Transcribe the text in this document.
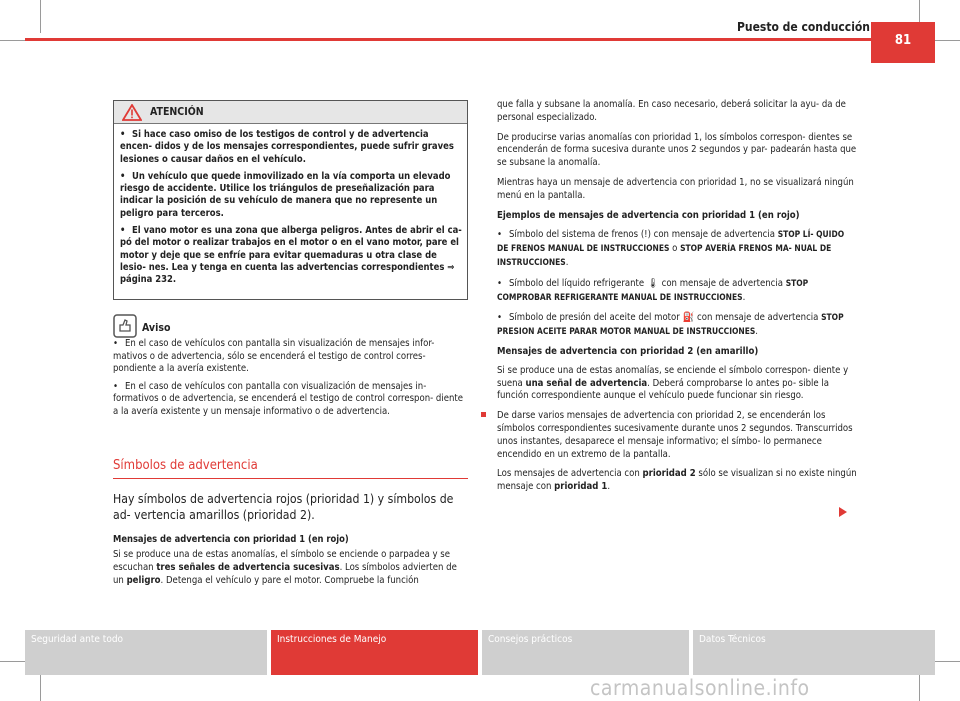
Puesto de conducción
81
ATENCIÓN

• Si hace caso omiso de los testigos de control y de advertencia encen- didos y de los mensajes correspondientes, puede sufrir graves lesiones o causar daños en el vehículo.

• Un vehículo que quede inmovilizado en la vía comporta un elevado riesgo de accidente. Utilice los triángulos de preseñalización para indicar la posición de su vehículo de manera que no represente un peligro para terceros.

• El vano motor es una zona que alberga peligros. Antes de abrir el ca- pó del motor o realizar trabajos en el motor o en el vano motor, pare el motor y deje que se enfríe para evitar quemaduras u otra clase de lesio- nes. Lea y tenga en cuenta las advertencias correspondientes ⇒ página 232.

Aviso

• En el caso de vehículos con pantalla sin visualización de mensajes infor- mativos o de advertencia, sólo se encenderá el testigo de control corres- pondiente a la avería existente.

• En el caso de vehículos con pantalla con visualización de mensajes in- formativos o de advertencia, se encenderá el testigo de control correspon- diente a la avería existente y un mensaje informativo o de advertencia.

Símbolos de advertencia
Hay símbolos de advertencia rojos (prioridad 1) y símbolos de ad- vertencia amarillos (prioridad 2).
Mensajes de advertencia con prioridad 1 (en rojo)
Si se produce una de estas anomalías, el símbolo se enciende o parpadea y se escuchan tres señales de advertencia sucesivas. Los símbolos advierten de un peligro. Detenga el vehículo y pare el motor. Compruebe la función

que falla y subsane la anomalía. En caso necesario, deberá solicitar la ayu- da de personal especializado.

De producirse varias anomalías con prioridad 1, los símbolos correspon- dientes se encenderán de forma sucesiva durante unos 2 segundos y par- padearán hasta que se subsane la anomalía.

Mientras haya un mensaje de advertencia con prioridad 1, no se visualizará ningún menú en la pantalla.

Ejemplos de mensajes de advertencia con prioridad 1 (en rojo)

• Símbolo del sistema de frenos (!) con mensaje de advertencia STOP LÍ- QUIDO DE FRENOS MANUAL DE INSTRUCCIONES o STOP AVERÍA FRENOS MA- NUAL DE INSTRUCCIONES.

• Símbolo del líquido refrigerante 🌡 con mensaje de advertencia STOP COMPROBAR REFRIGERANTE MANUAL DE INSTRUCCIONES.

• Símbolo de presión del aceite del motor ⛽ con mensaje de advertencia STOP PRESION ACEITE PARAR MOTOR MANUAL DE INSTRUCCIONES.

Mensajes de advertencia con prioridad 2 (en amarillo)

Si se produce una de estas anomalías, se enciende el símbolo correspon- diente y suena una señal de advertencia. Deberá comprobarse lo antes po- sible la función correspondiente aunque el vehículo puede funcionar sin riesgo.

De darse varios mensajes de advertencia con prioridad 2, se encenderán los símbolos correspondientes sucesivamente durante unos 2 segundos. Transcurridos unos instantes, desaparece el mensaje informativo; el símbo- lo permanece encendido en un extremo de la pantalla.

Los mensajes de advertencia con prioridad 2 sólo se visualizan si no existe ningún mensaje con prioridad 1.

Seguridad ante todo	Instrucciones de Manejo	Consejos prácticos	Datos Técnicos
carmanualsonline.info
